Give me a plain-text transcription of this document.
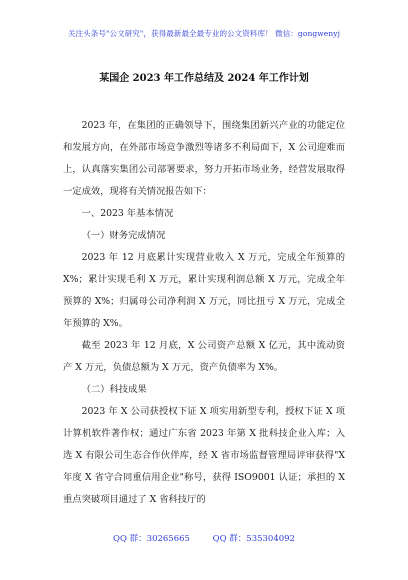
关注头条号"公文研究"，获得最新最全最专业的公文资料库！ 微信：gongwenyj
某国企 2023 年工作总结及 2024 年工作计划

2023 年，在集团的正确领导下，围绕集团新兴产业的功能定位和发展方向，在外部市场竞争激烈等诸多不利局面下，X 公司迎难而上，认真落实集团公司部署要求，努力开拓市场业务，经营发展取得一定成效，现将有关情况报告如下：

一、2023 年基本情况

（一）财务完成情况

2023 年 12 月底累计实现营业收入 X 万元，完成全年预算的 X%；累计实现毛利 X 万元，累计实现利润总额 X 万元，完成全年预算的 X%；归属母公司净利润 X 万元，同比扭亏 X 万元，完成全年预算的 X%。

截至 2023 年 12 月底，X 公司资产总额 X 亿元，其中流动资产 X 万元，负债总额为 X 万元，资产负债率为 X%。

（二）科技成果

2023 年 X 公司获授权下证 X 项实用新型专利，授权下证 X 项计算机软件著作权；通过广东省 2023 年第 X 批科技企业入库；入选 X 有限公司生态合作伙伴库，经 X 省市场监督管理局评审获得"X 年度 X 省守合同重信用企业"称号，获得 ISO9001 认证；承担的 X 重点突破项目通过了 X 省科技厅的

QQ 群：30265665	QQ 群：535304092
